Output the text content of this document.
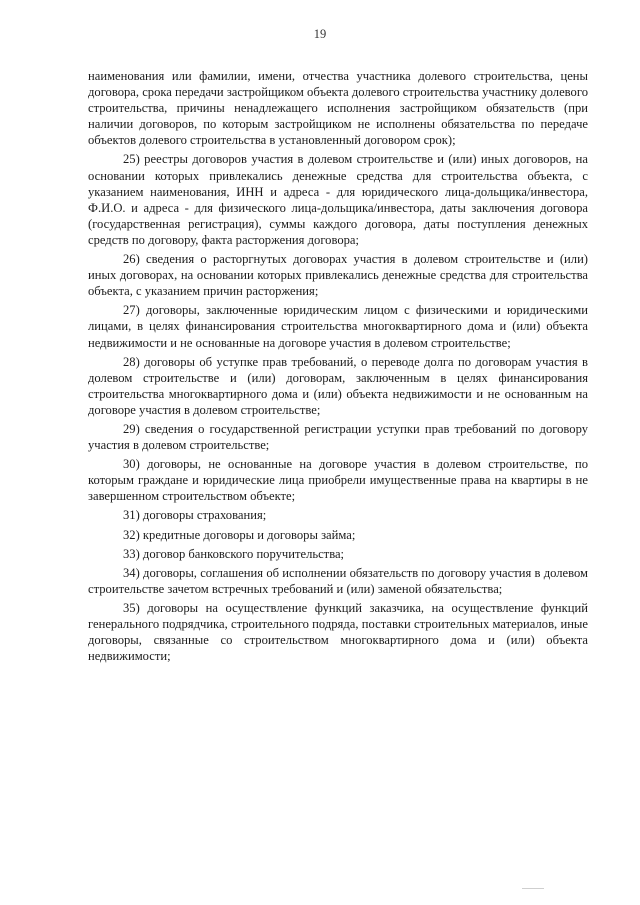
19

наименования или фамилии, имени, отчества участника долевого строительства, цены договора, срока передачи застройщиком объекта долевого строительства участнику долевого строительства, причины ненадлежащего исполнения застройщиком обязательств (при наличии договоров, по которым застройщиком не исполнены обязательства по передаче объектов долевого строительства в установленный договором срок);

25) реестры договоров участия в долевом строительстве и (или) иных договоров, на основании которых привлекались денежные средства для строительства объекта, с указанием наименования, ИНН и адреса - для юридического лица-дольщика/инвестора, Ф.И.О. и адреса - для физического лица-дольщика/инвестора, даты заключения договора (государственная регистрация), суммы каждого договора, даты поступления денежных средств по договору, факта расторжения договора;

26) сведения о расторгнутых договорах участия в долевом строительстве и (или) иных договорах, на основании которых привлекались денежные средства для строительства объекта, с указанием причин расторжения;

27) договоры, заключенные юридическим лицом с физическими и юридическими лицами, в целях финансирования строительства многоквартирного дома и (или) объекта недвижимости и не основанные на договоре участия в долевом строительстве;

28) договоры об уступке прав требований, о переводе долга по договорам участия в долевом строительстве и (или) договорам, заключенным в целях финансирования строительства многоквартирного дома и (или) объекта недвижимости и не основанным на договоре участия в долевом строительстве;

29) сведения о государственной регистрации уступки прав требований по договору участия в долевом строительстве;

30) договоры, не основанные на договоре участия в долевом строительстве, по которым граждане и юридические лица приобрели имущественные права на квартиры в не завершенном строительством объекте;

31) договоры страхования;

32) кредитные договоры и договоры займа;

33) договор банковского поручительства;

34) договоры, соглашения об исполнении обязательств по договору участия в долевом строительстве зачетом встречных требований и (или) заменой обязательства;

35) договоры на осуществление функций заказчика, на осуществление функций генерального подрядчика, строительного подряда, поставки строительных материалов, иные договоры, связанные со строительством многоквартирного дома и (или) объекта недвижимости;
